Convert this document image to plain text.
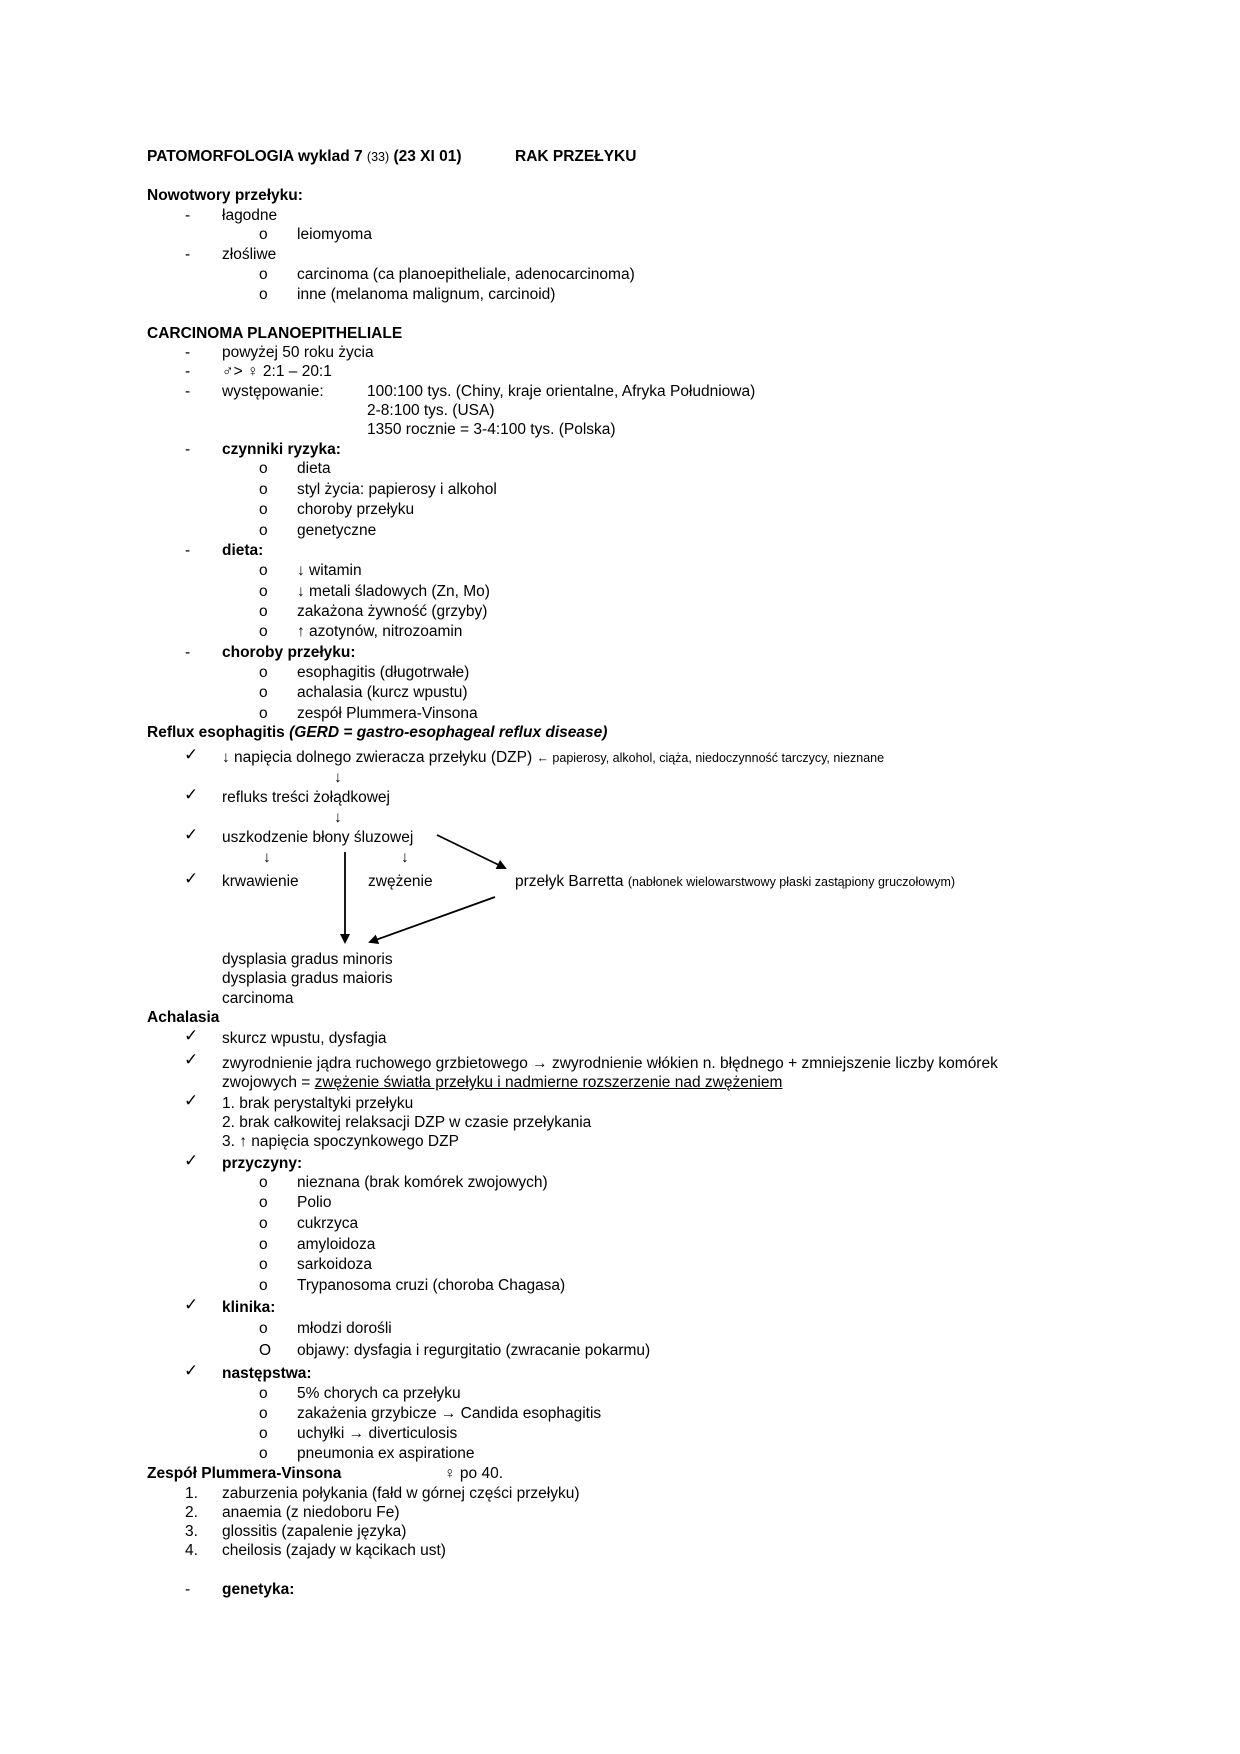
PATOMORFOLOGIA wyklad 7 (33) (23 XI 01)	RAK PRZEŁYKU
Nowotwory przełyku:
- łagodne
o leiomyoma
- złośliwe
o carcinoma (ca planoepitheliale, adenocarcinoma)
o inne (melanoma malignum, carcinoid)
CARCINOMA PLANOEPITHELIALE
- powyżej 50 roku życia
- ♂> ♀ 2:1 – 20:1
- występowanie:	100:100 tys. (Chiny, kraje orientalne, Afryka Południowa)
2-8:100 tys. (USA)
1350 rocznie = 3-4:100 tys. (Polska)
- czynniki ryzyka:
o dieta
o styl życia: papierosy i alkohol
o choroby przełyku
o genetyczne
- dieta:
o ↓ witamin
o ↓ metali śladowych (Zn, Mo)
o zakażona żywność (grzyby)
o ↑ azotynów, nitrozoamin
- choroby przełyku:
o esophagitis (długotrwałe)
o achalasia (kurcz wpustu)
o zespół Plummera-Vinsona
Reflux esophagitis (GERD = gastro-esophageal reflux disease)
✓ ↓ napięcia dolnego zwieracza przełyku (DZP) ← papierosy, alkohol, ciąża, niedoczynność tarczycy, nieznane
↓
✓ refluks treści żołądkowej
↓
✓ uszkodzenie błony śluzowej
↓	↓
✓ krwawienie	zwężenie	przełyk Barretta (nabłonek wielowarstwowy płaski zastąpiony gruczołowym)
dysplasia gradus minoris
dysplasia gradus maioris
carcinoma
Achalasia
✓ skurcz wpustu, dysfagia
✓ zwyrodnienie jądra ruchowego grzbietowego → zwyrodnienie włókien n. błędnego + zmniejszenie liczby komórek
zwojowych = zwężenie światła przełyku i nadmierne rozszerzenie nad zwężeniem
✓ 1. brak perystaltyki przełyku
2. brak całkowitej relaksacji DZP w czasie przełykania
3. ↑ napięcia spoczynkowego DZP
✓ przyczyny:
o nieznana (brak komórek zwojowych)
o Polio
o cukrzyca
o amyloidoza
o sarkoidoza
o Trypanosoma cruzi (choroba Chagasa)
✓ klinika:
o młodzi dorośli
O objawy: dysfagia i regurgitatio (zwracanie pokarmu)
✓ następstwa:
o 5% chorych ca przełyku
o zakażenia grzybicze → Candida esophagitis
o uchyłki → diverticulosis
o pneumonia ex aspiratione
Zespół Plummera-Vinsona	♀ po 40.
1. zaburzenia połykania (fałd w górnej części przełyku)
2. anaemia (z niedoboru Fe)
3. glossitis (zapalenie języka)
4. cheilosis (zajady w kącikach ust)
- genetyka:
